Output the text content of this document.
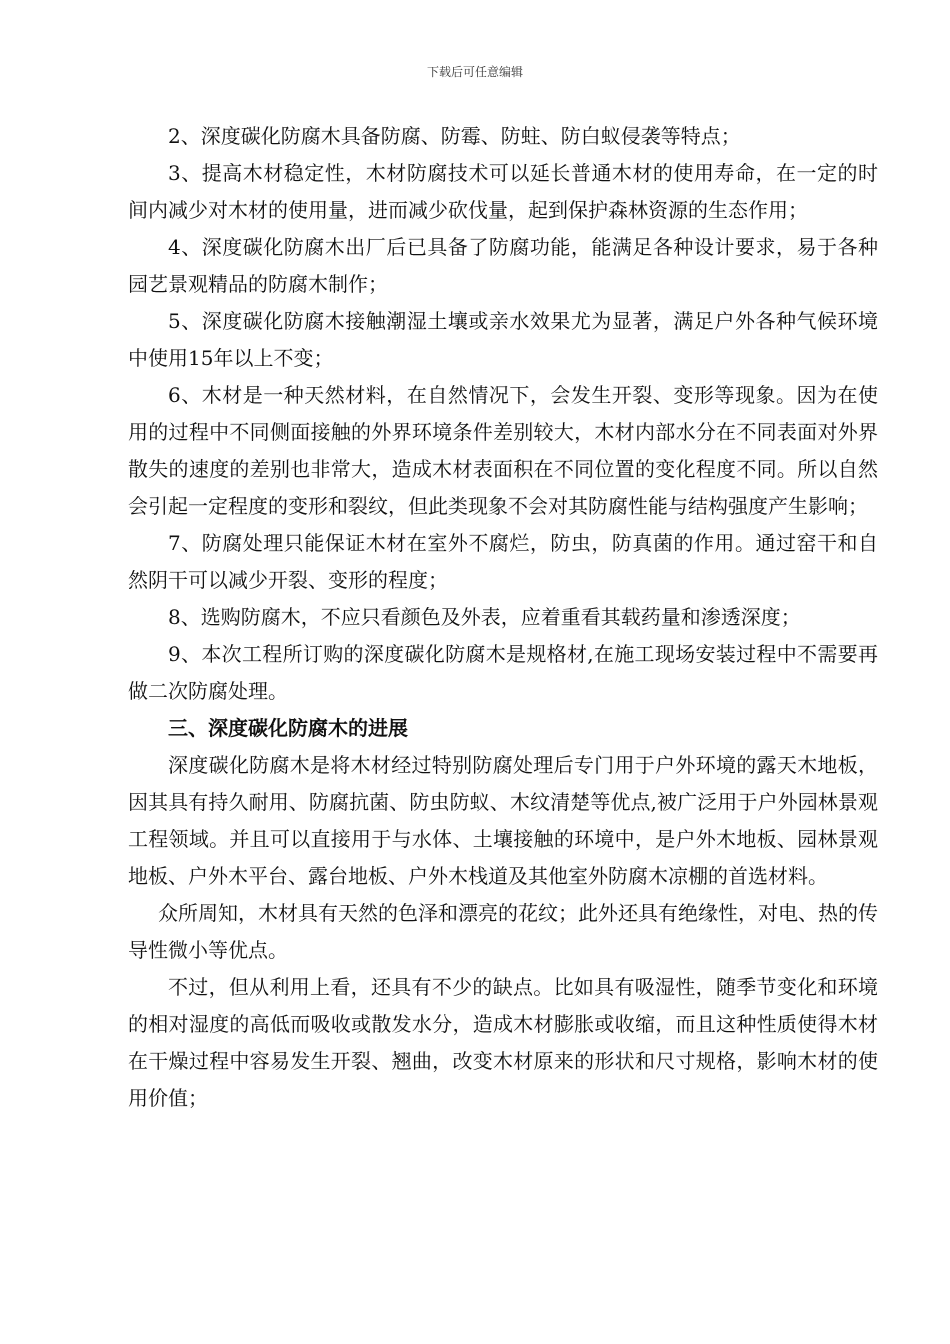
下载后可任意编辑

2、深度碳化防腐木具备防腐、防霉、防蛀、防白蚁侵袭等特点；

3、提高木材稳定性，木材防腐技术可以延长普通木材的使用寿命，在一定的时间内减少对木材的使用量，进而减少砍伐量，起到保护森林资源的生态作用；

4、深度碳化防腐木出厂后已具备了防腐功能，能满足各种设计要求，易于各种园艺景观精品的防腐木制作；

5、深度碳化防腐木接触潮湿土壤或亲水效果尤为显著，满足户外各种气候环境中使用15年以上不变；

6、木材是一种天然材料，在自然情况下，会发生开裂、变形等现象。因为在使用的过程中不同侧面接触的外界环境条件差别较大，木材内部水分在不同表面对外界散失的速度的差别也非常大，造成木材表面积在不同位置的变化程度不同。所以自然会引起一定程度的变形和裂纹，但此类现象不会对其防腐性能与结构强度产生影响；

7、防腐处理只能保证木材在室外不腐烂，防虫，防真菌的作用。通过窑干和自然阴干可以减少开裂、变形的程度；

8、选购防腐木，不应只看颜色及外表，应着重看其载药量和渗透深度；

9、本次工程所订购的深度碳化防腐木是规格材,在施工现场安装过程中不需要再做二次防腐处理。

三、深度碳化防腐木的进展

深度碳化防腐木是将木材经过特别防腐处理后专门用于户外环境的露天木地板，因其具有持久耐用、防腐抗菌、防虫防蚁、木纹清楚等优点,被广泛用于户外园林景观工程领域。并且可以直接用于与水体、土壤接触的环境中，是户外木地板、园林景观地板、户外木平台、露台地板、户外木栈道及其他室外防腐木凉棚的首选材料。

众所周知，木材具有天然的色泽和漂亮的花纹；此外还具有绝缘性，对电、热的传导性微小等优点。

不过，但从利用上看，还具有不少的缺点。比如具有吸湿性，随季节变化和环境的相对湿度的高低而吸收或散发水分，造成木材膨胀或收缩，而且这种性质使得木材在干燥过程中容易发生开裂、翘曲，改变木材原来的形状和尺寸规格，影响木材的使用价值；
